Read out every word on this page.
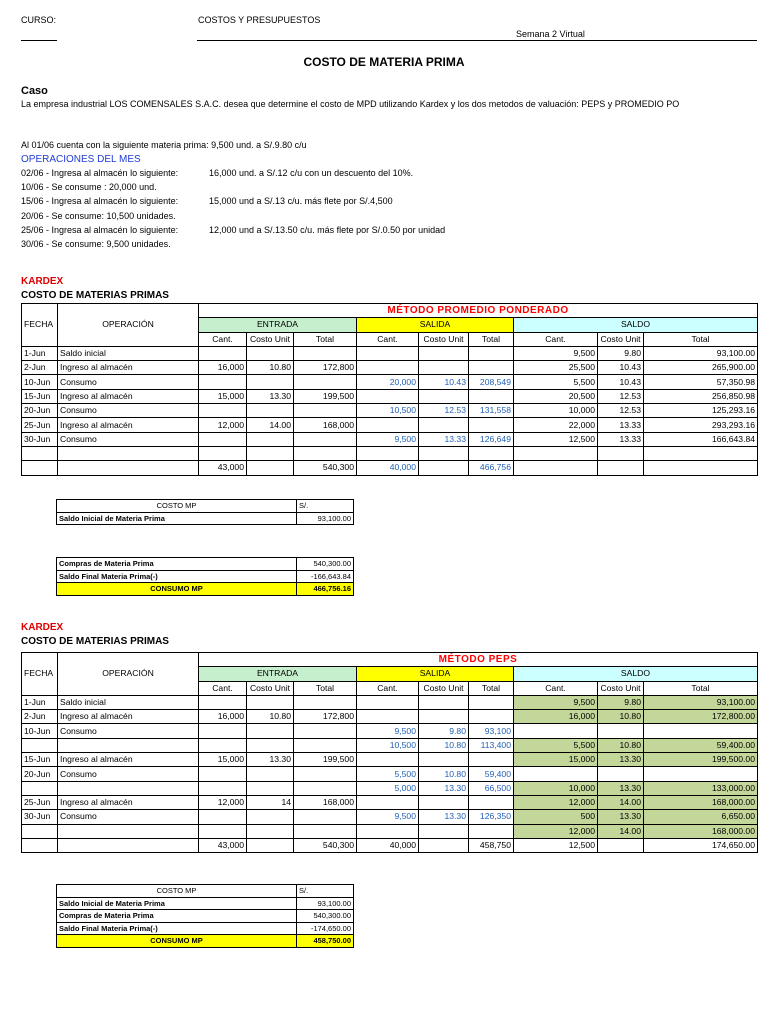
CURSO:	COSTOS Y PRESUPUESTOS
Semana 2 Virtual
COSTO DE MATERIA PRIMA
Caso
La empresa industrial LOS COMENSALES S.A.C. desea que determine el costo de MPD utilizando Kardex y los dos metodos de valuación: PEPS y PROMEDIO PO
Al 01/06 cuenta con la siguiente materia prima: 9,500 und. a S/.9.80 c/u
OPERACIONES DEL MES
02/06 - Ingresa al almacén lo siguiente:	16,000 und. a S/.12 c/u con un descuento del 10%.
10/06 - Se consume : 20,000 und.
15/06 - Ingresa al almacén lo siguiente:	15,000 und a S/.13 c/u. más flete por S/.4,500
20/06 - Se consume: 10,500 unidades.
25/06 - Ingresa al almacén lo siguiente:	12,000 und a S/.13.50 c/u. más flete por S/.0.50 por unidad
30/06 - Se consume: 9,500 unidades.
KARDEX
COSTO DE MATERIAS PRIMAS
FECHA	OPERACIÓN	MÉTODO PROMEDIO PONDERADO								
		ENTRADA			SALIDA			SALDO		
		Cant.	Costo Unit	Total	Cant.	Costo Unit	Total	Cant.	Costo Unit	Total
1-Jun	Saldo inicial							9,500	9.80	93,100.00
2-Jun	Ingreso al almacén	16,000	10.80	172,800				25,500	10.43	265,900.00
10-Jun	Consumo				20,000	10.43	208,549	5,500	10.43	57,350.98
15-Jun	Ingreso al almacén	15,000	13.30	199,500				20,500	12.53	256,850.98
20-Jun	Consumo				10,500	12.53	131,558	10,000	12.53	125,293.16
25-Jun	Ingreso al almacén	12,000	14.00	168,000				22,000	13.33	293,293.16
30-Jun	Consumo				9,500	13.33	126,649	12,500	13.33	166,643.84

		43,000		540,300	40,000		466,756			
COSTO MP	S/.
Saldo Inicial de Materia Prima	93,100.00
Compras de Materia Prima	540,300.00
Saldo Final Materia Prima(-)	-166,643.84
CONSUMO MP	466,756.16
KARDEX
COSTO DE MATERIAS PRIMAS
FECHA	OPERACIÓN	MÉTODO PEPS								
		ENTRADA			SALIDA			SALDO		
		Cant.	Costo Unit	Total	Cant.	Costo Unit	Total	Cant.	Costo Unit	Total
1-Jun	Saldo inicial							9,500	9.80	93,100.00
2-Jun	Ingreso al almacén	16,000	10.80	172,800				16,000	10.80	172,800.00
10-Jun	Consumo				9,500	9.80	93,100			
					10,500	10.80	113,400	5,500	10.80	59,400.00
15-Jun	Ingreso al almacén	15,000	13.30	199,500				15,000	13.30	199,500.00
20-Jun	Consumo				5,500	10.80	59,400			
					5,000	13.30	66,500	10,000	13.30	133,000.00
25-Jun	Ingreso al almacén	12,000	14	168,000				12,000	14.00	168,000.00
30-Jun	Consumo				9,500	13.30	126,350	500	13.30	6,650.00
								12,000	14.00	168,000.00
		43,000		540,300	40,000		458,750	12,500		174,650.00
COSTO MP	S/.
Saldo Inicial de Materia Prima	93,100.00
Compras de Materia Prima	540,300.00
Saldo Final Materia Prima(-)	-174,650.00
CONSUMO MP	458,750.00
